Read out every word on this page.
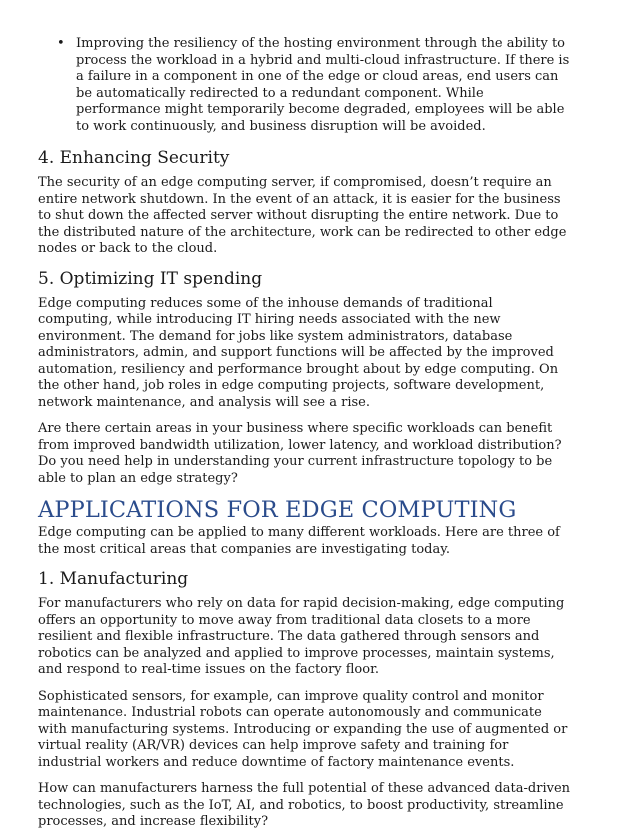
• Improving the resiliency of the hosting environment through the ability to process the workload in a hybrid and multi-cloud infrastructure. If there is a failure in a component in one of the edge or cloud areas, end users can be automatically redirected to a redundant component. While performance might temporarily become degraded, employees will be able to work continuously, and business disruption will be avoided.
4. Enhancing Security

The security of an edge computing server, if compromised, doesn’t require an entire network shutdown. In the event of an attack, it is easier for the business to shut down the affected server without disrupting the entire network. Due to the distributed nature of the architecture, work can be redirected to other edge nodes or back to the cloud.

5. Optimizing IT spending

Edge computing reduces some of the inhouse demands of traditional computing, while introducing IT hiring needs associated with the new environment. The demand for jobs like system administrators, database administrators, admin, and support functions will be affected by the improved automation, resiliency and performance brought about by edge computing. On the other hand, job roles in edge computing projects, software development, network maintenance, and analysis will see a rise.

Are there certain areas in your business where specific workloads can benefit from improved bandwidth utilization, lower latency, and workload distribution? Do you need help in understanding your current infrastructure topology to be able to plan an edge strategy?

APPLICATIONS FOR EDGE COMPUTING

Edge computing can be applied to many different workloads. Here are three of the most critical areas that companies are investigating today.

1. Manufacturing

For manufacturers who rely on data for rapid decision-making, edge computing offers an opportunity to move away from traditional data closets to a more resilient and flexible infrastructure. The data gathered through sensors and robotics can be analyzed and applied to improve processes, maintain systems, and respond to real-time issues on the factory floor.

Sophisticated sensors, for example, can improve quality control and monitor maintenance. Industrial robots can operate autonomously and communicate with manufacturing systems. Introducing or expanding the use of augmented or virtual reality (AR/VR) devices can help improve safety and training for industrial workers and reduce downtime of factory maintenance events.

How can manufacturers harness the full potential of these advanced data-driven technologies, such as the IoT, AI, and robotics, to boost productivity, streamline processes, and increase flexibility?
